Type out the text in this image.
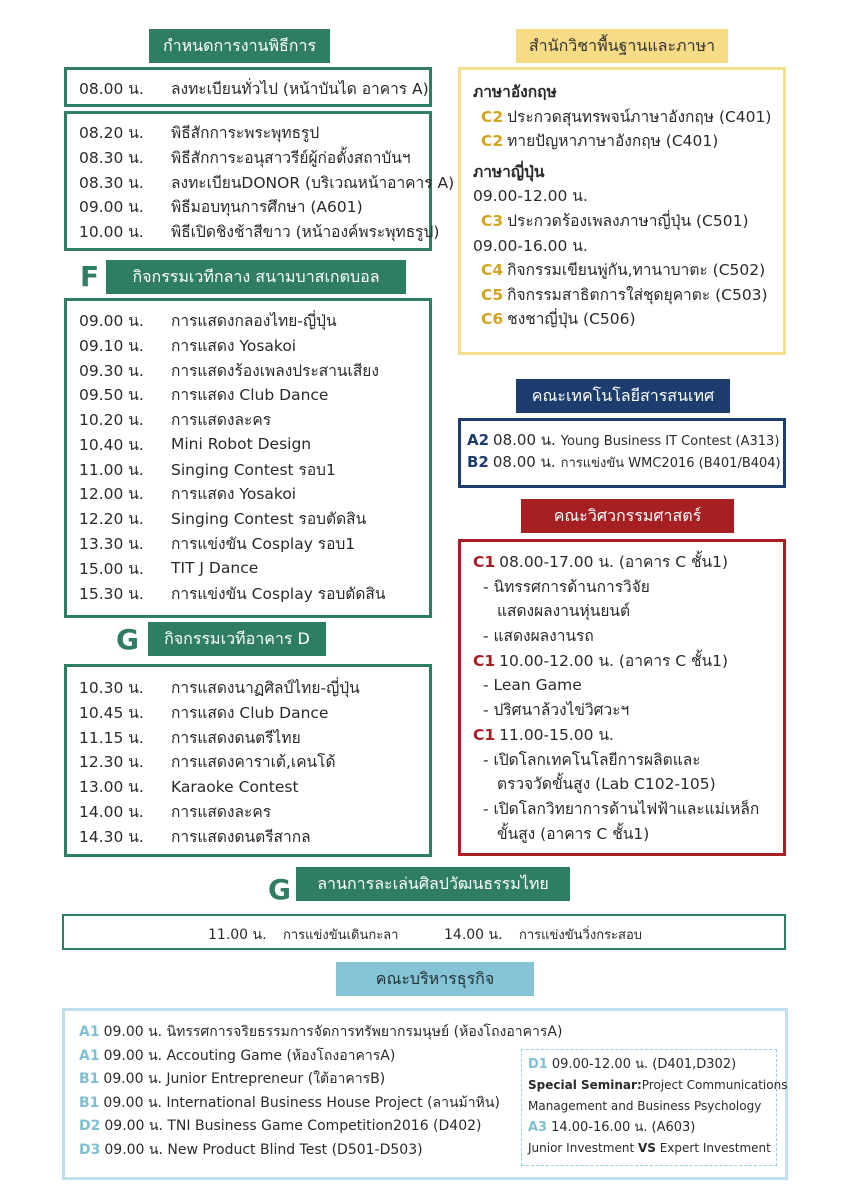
กำหนดการงานพิธีการ
08.00 น.	ลงทะเบียนทั่วไป (หน้าบันได อาคาร A)
08.20 น.	พิธีสักการะพระพุทธรูป
08.30 น.	พิธีสักการะอนุสาวรีย์ผู้ก่อตั้งสถาบันฯ
08.30 น.	ลงทะเบียนDONOR (บริเวณหน้าอาคาร A)
09.00 น.	พิธีมอบทุนการศึกษา (A601)
10.00 น.	พิธีเปิดชิงช้าสีขาว (หน้าองค์พระพุทธรูป)
F	กิจกรรมเวทีกลาง สนามบาสเกตบอล
09.00 น.	การแสดงกลองไทย-ญี่ปุ่น
09.10 น.	การแสดง Yosakoi
09.30 น.	การแสดงร้องเพลงประสานเสียง
09.50 น.	การแสดง Club Dance
10.20 น.	การแสดงละคร
10.40 น.	Mini Robot Design
11.00 น.	Singing Contest รอบ1
12.00 น.	การแสดง Yosakoi
12.20 น.	Singing Contest รอบตัดสิน
13.30 น.	การแข่งขัน Cosplay รอบ1
15.00 น.	TIT J Dance
15.30 น.	การแข่งขัน Cosplay รอบตัดสิน
G	กิจกรรมเวทีอาคาร D
10.30 น.	การแสดงนาฏศิลป์ไทย-ญี่ปุ่น
10.45 น.	การแสดง Club Dance
11.15 น.	การแสดงดนตรีไทย
12.30 น.	การแสดงคาราเต้,เคนโด้
13.00 น.	Karaoke Contest
14.00 น.	การแสดงละคร
14.30 น.	การแสดงดนตรีสากล
สำนักวิชาพื้นฐานและภาษา
ภาษาอังกฤษ
C2 ประกวดสุนทรพจน์ภาษาอังกฤษ (C401)
C2 ทายปัญหาภาษาอังกฤษ (C401)
ภาษาญี่ปุ่น
09.00-12.00 น.
C3 ประกวดร้องเพลงภาษาญี่ปุ่น (C501)
09.00-16.00 น.
C4 กิจกรรมเขียนพู่กัน,ทานาบาตะ (C502)
C5 กิจกรรมสาธิตการใส่ชุดยุคาตะ (C503)
C6 ชงชาญี่ปุ่น (C506)
คณะเทคโนโลยีสารสนเทศ
A2 08.00 น. Young Business IT Contest (A313)
B2 08.00 น. การแข่งขัน WMC2016 (B401/B404)
คณะวิศวกรรมศาสตร์
C1 08.00-17.00 น. (อาคาร C ชั้น1)
- นิทรรศการด้านการวิจัย
แสดงผลงานหุ่นยนต์
- แสดงผลงานรถ
C1 10.00-12.00 น. (อาคาร C ชั้น1)
- Lean Game
- ปริศนาล้วงไข่วิศวะฯ
C1 11.00-15.00 น.
- เปิดโลกเทคโนโลยีการผลิตและ
ตรวจวัดขั้นสูง (Lab C102-105)
- เปิดโลกวิทยาการด้านไฟฟ้าและแม่เหล็ก
ขั้นสูง (อาคาร C ชั้น1)
G	ลานการละเล่นศิลปวัฒนธรรมไทย
11.00 น. การแข่งขันเดินกะลา	14.00 น. การแข่งขันวิ่งกระสอบ
คณะบริหารธุรกิจ
A1 09.00 น. นิทรรศการจริยธรรมการจัดการทรัพยากรมนุษย์ (ห้องโถงอาคารA)
A1 09.00 น. Accouting Game (ห้องโถงอาคารA)
B1 09.00 น. Junior Entrepreneur (ใต้อาคารB)
B1 09.00 น. International Business House Project (ลานม้าหิน)
D2 09.00 น. TNI Business Game Competition2016 (D402)
D3 09.00 น. New Product Blind Test (D501-D503)
D1 09.00-12.00 น. (D401,D302)
Special Seminar:Project Communications
Management and Business Psychology
A3 14.00-16.00 น. (A603)
Junior Investment VS Expert Investment
